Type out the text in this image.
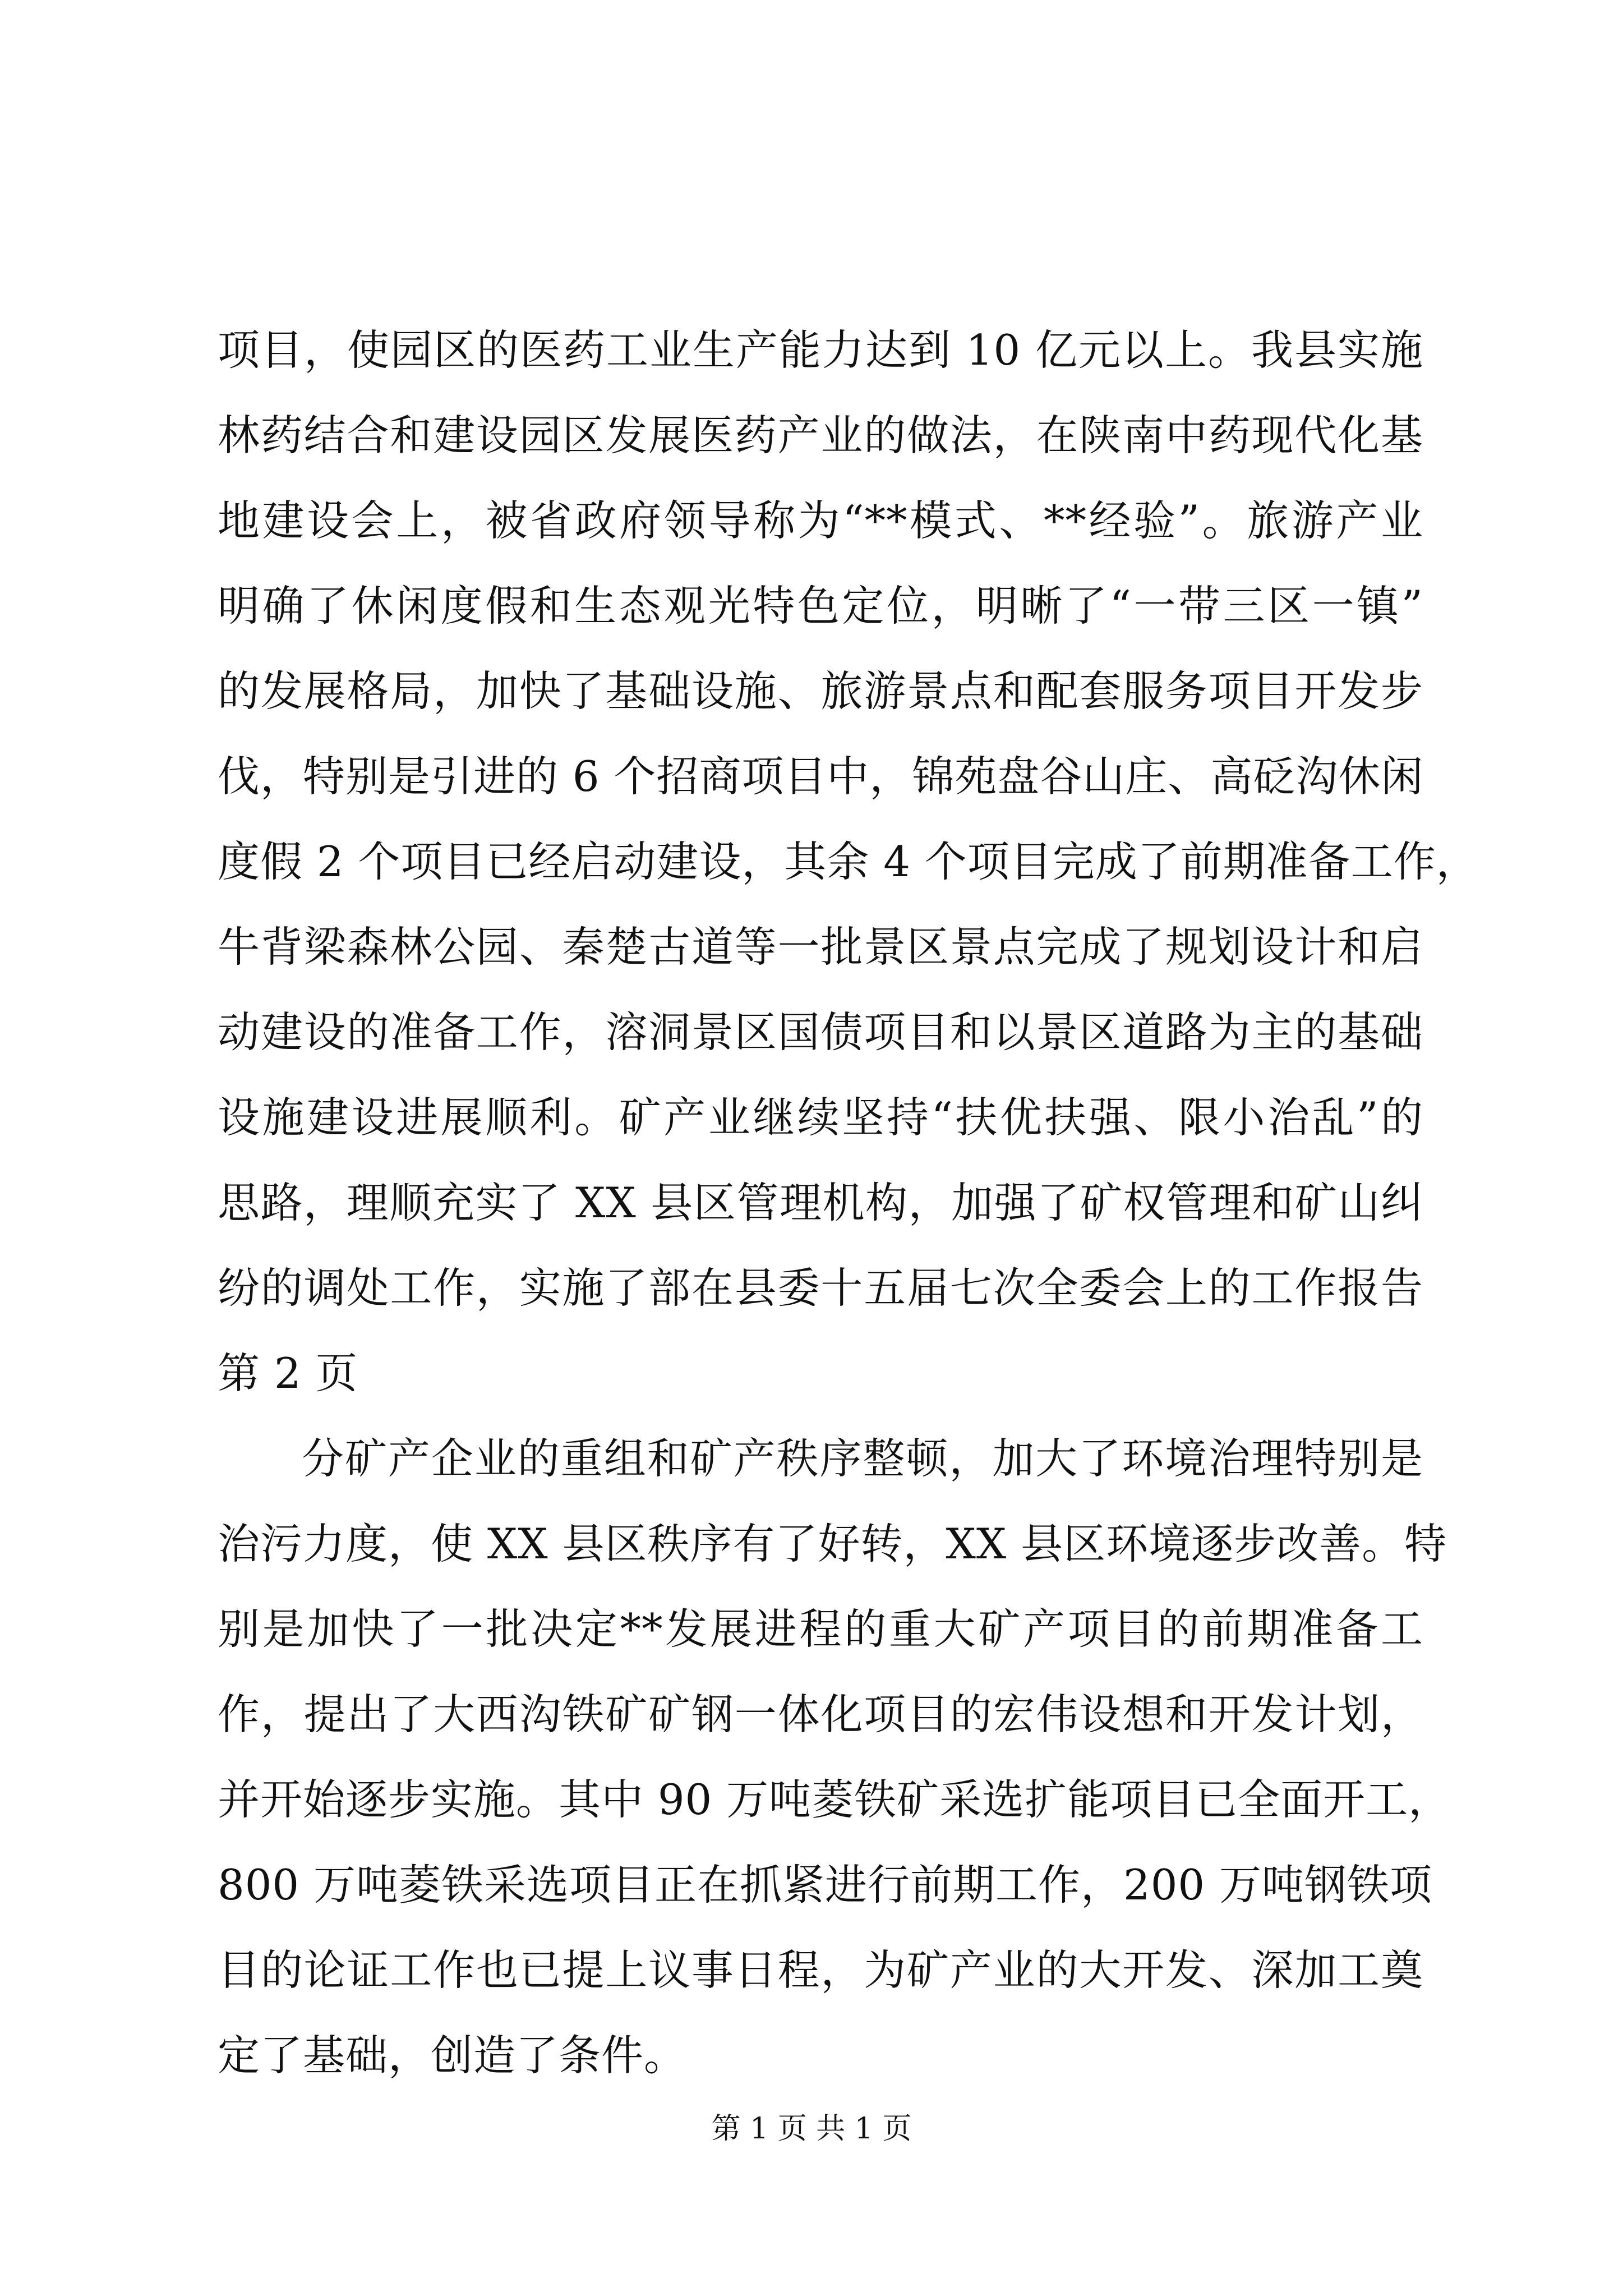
项目，使园区的医药工业生产能力达到 10 亿元以上。我县实施

林药结合和建设园区发展医药产业的做法，在陕南中药现代化基

地建设会上，被省政府领导称为“**模式、**经验”。旅游产业

明确了休闲度假和生态观光特色定位，明晰了“一带三区一镇”

的发展格局，加快了基础设施、旅游景点和配套服务项目开发步

伐，特别是引进的 6 个招商项目中，锦苑盘谷山庄、高砭沟休闲

度假 2 个项目已经启动建设，其余 4 个项目完成了前期准备工作，

牛背梁森林公园、秦楚古道等一批景区景点完成了规划设计和启

动建设的准备工作，溶洞景区国债项目和以景区道路为主的基础

设施建设进展顺利。矿产业继续坚持“扶优扶强、限小治乱”的

思路，理顺充实了 XX 县区管理机构，加强了矿权管理和矿山纠

纷的调处工作，实施了部在县委十五届七次全委会上的工作报告

第 2 页

分矿产企业的重组和矿产秩序整顿，加大了环境治理特别是

治污力度，使 XX 县区秩序有了好转，XX 县区环境逐步改善。特

别是加快了一批决定**发展进程的重大矿产项目的前期准备工

作，提出了大西沟铁矿矿钢一体化项目的宏伟设想和开发计划，

并开始逐步实施。其中 90 万吨菱铁矿采选扩能项目已全面开工，

800 万吨菱铁采选项目正在抓紧进行前期工作，200 万吨钢铁项

目的论证工作也已提上议事日程，为矿产业的大开发、深加工奠

定了基础，创造了条件。

第 1 页 共 1 页
